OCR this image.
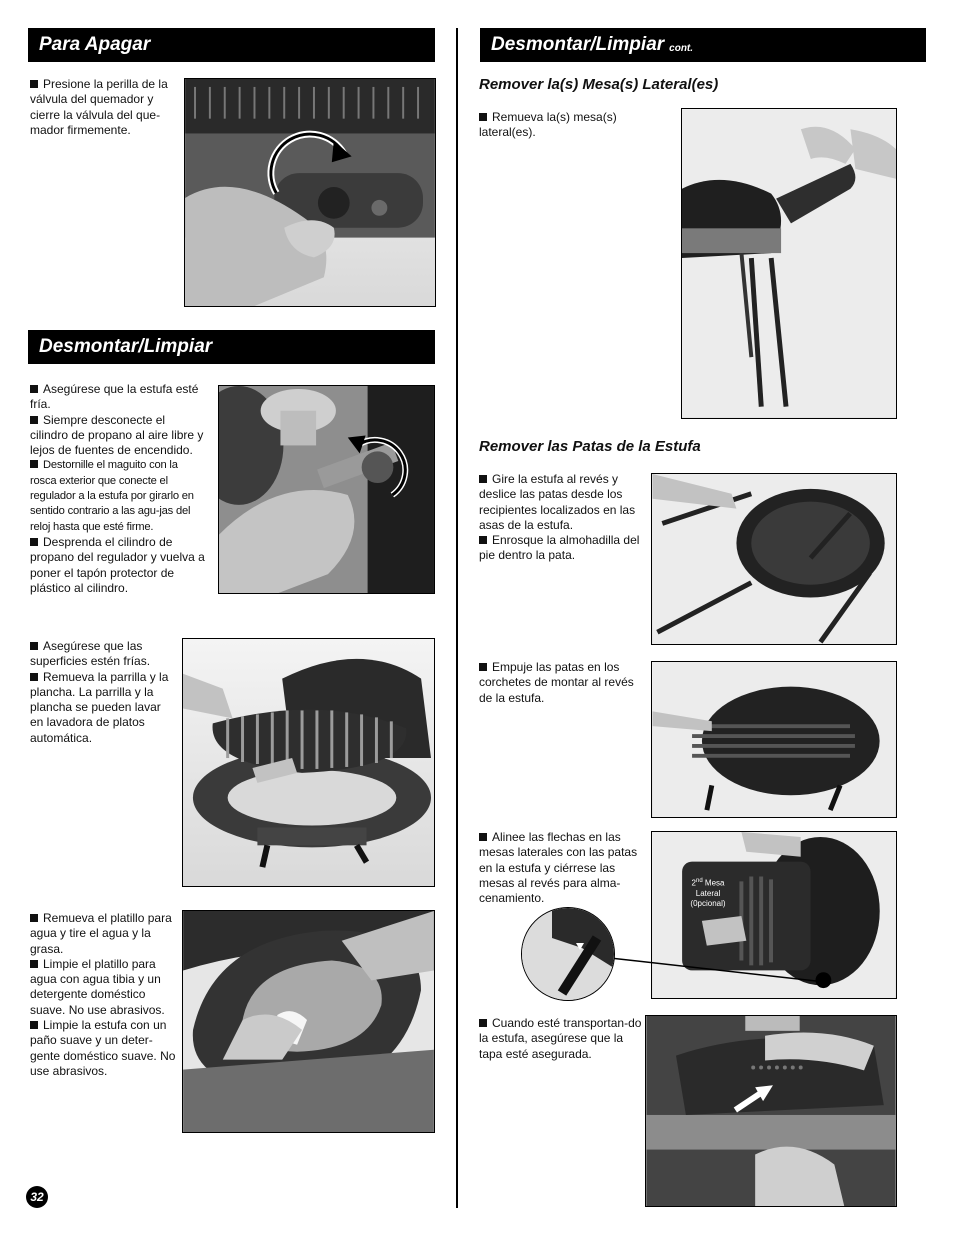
Para Apagar
Presione la perilla de la válvula del quemador y cierre la válvula del que-mador firmemente.
Desmontar/Limpiar
Asegúrese que la estufa esté fría.
Siempre desconecte el cilindro de propano al aire libre y lejos de fuentes de encendido.
Destornille el maguito con la rosca exterior que conecte el regulador a la estufa por girarlo en sentido contrario a las agu-jas del reloj hasta que esté firme.
Desprenda el cilindro de propano del regulador y vuelva a poner el tapón protector de plástico al cilindro.
Asegúrese que las superficies estén frías.
Remueva la parrilla y la plancha. La parrilla y la plancha se pueden lavar en lavadora de platos automática.
Remueva el platillo para agua y tire el agua y la grasa.
Limpie el platillo para agua con agua tibia y un detergente doméstico suave. No use abrasivos.
Limpie la estufa con un paño suave y un deter-gente doméstico suave. No use abrasivos.
32
Desmontar/Limpiar cont.
Remover la(s) Mesa(s) Lateral(es)
Remueva la(s) mesa(s) lateral(es).
Remover las Patas de la Estufa
Gire la estufa al revés y deslice las patas desde los recipientes localizados en las asas de la estufa.
Enrosque la almohadilla del pie dentro la pata.
Empuje las patas en los corchetes de montar al revés de la estufa.
Alinee las flechas en las mesas laterales con las patas en la estufa y ciérrese las mesas al revés para alma-cenamiento.
2nd Mesa
Lateral
(0pcional)
Cuando esté transportan-do la estufa, asegúrese que la tapa esté asegurada.
